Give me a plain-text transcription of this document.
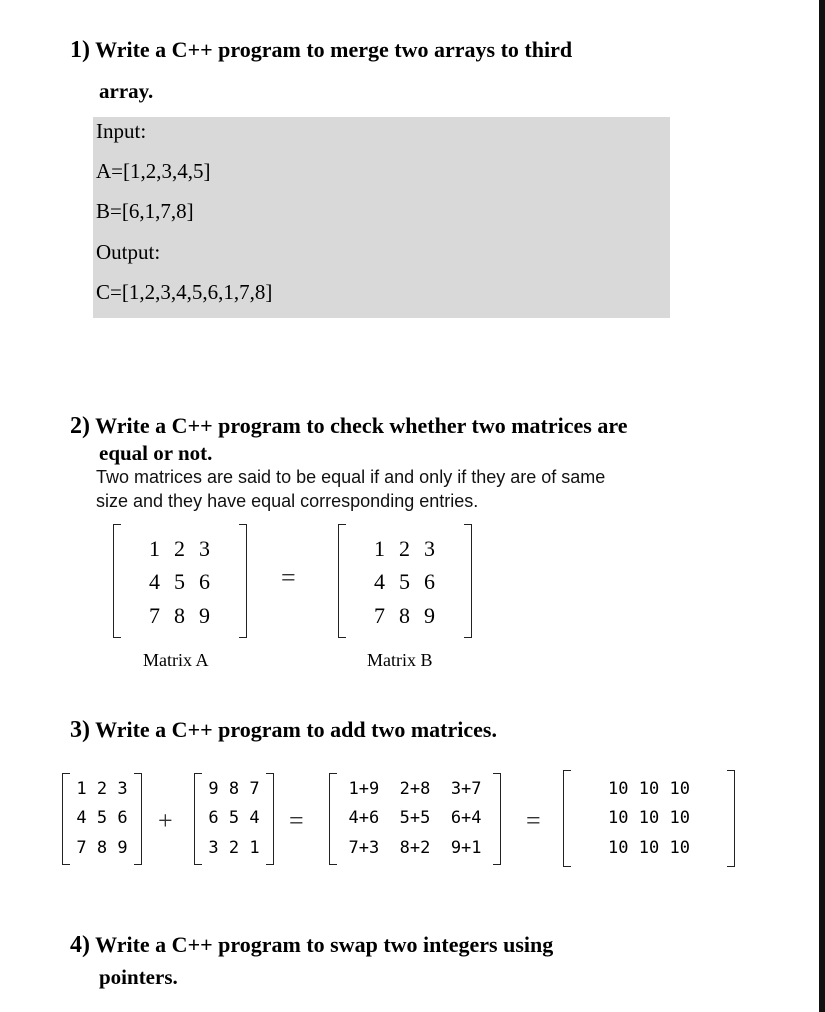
1) Write a C++ program to merge two arrays to third
array.
Input:
A=[1,2,3,4,5]
B=[6,1,7,8]
Output:
C=[1,2,3,4,5,6,1,7,8]
2) Write a C++ program to check whether two matrices are
equal or not.
Two matrices are said to be equal if and only if they are of same
size and they have equal corresponding entries.
1  2  3
4  5  6
7  8  9
=
1  2  3
4  5  6
7  8  9
Matrix A	Matrix B
3) Write a C++ program to add two matrices.
1 2 3
4 5 6
7 8 9
+
9 8 7
6 5 4
3 2 1
=
1+9  2+8  3+7
4+6  5+5  6+4
7+3  8+2  9+1
=
10 10 10
10 10 10
10 10 10
4) Write a C++ program to swap two integers using
pointers.
